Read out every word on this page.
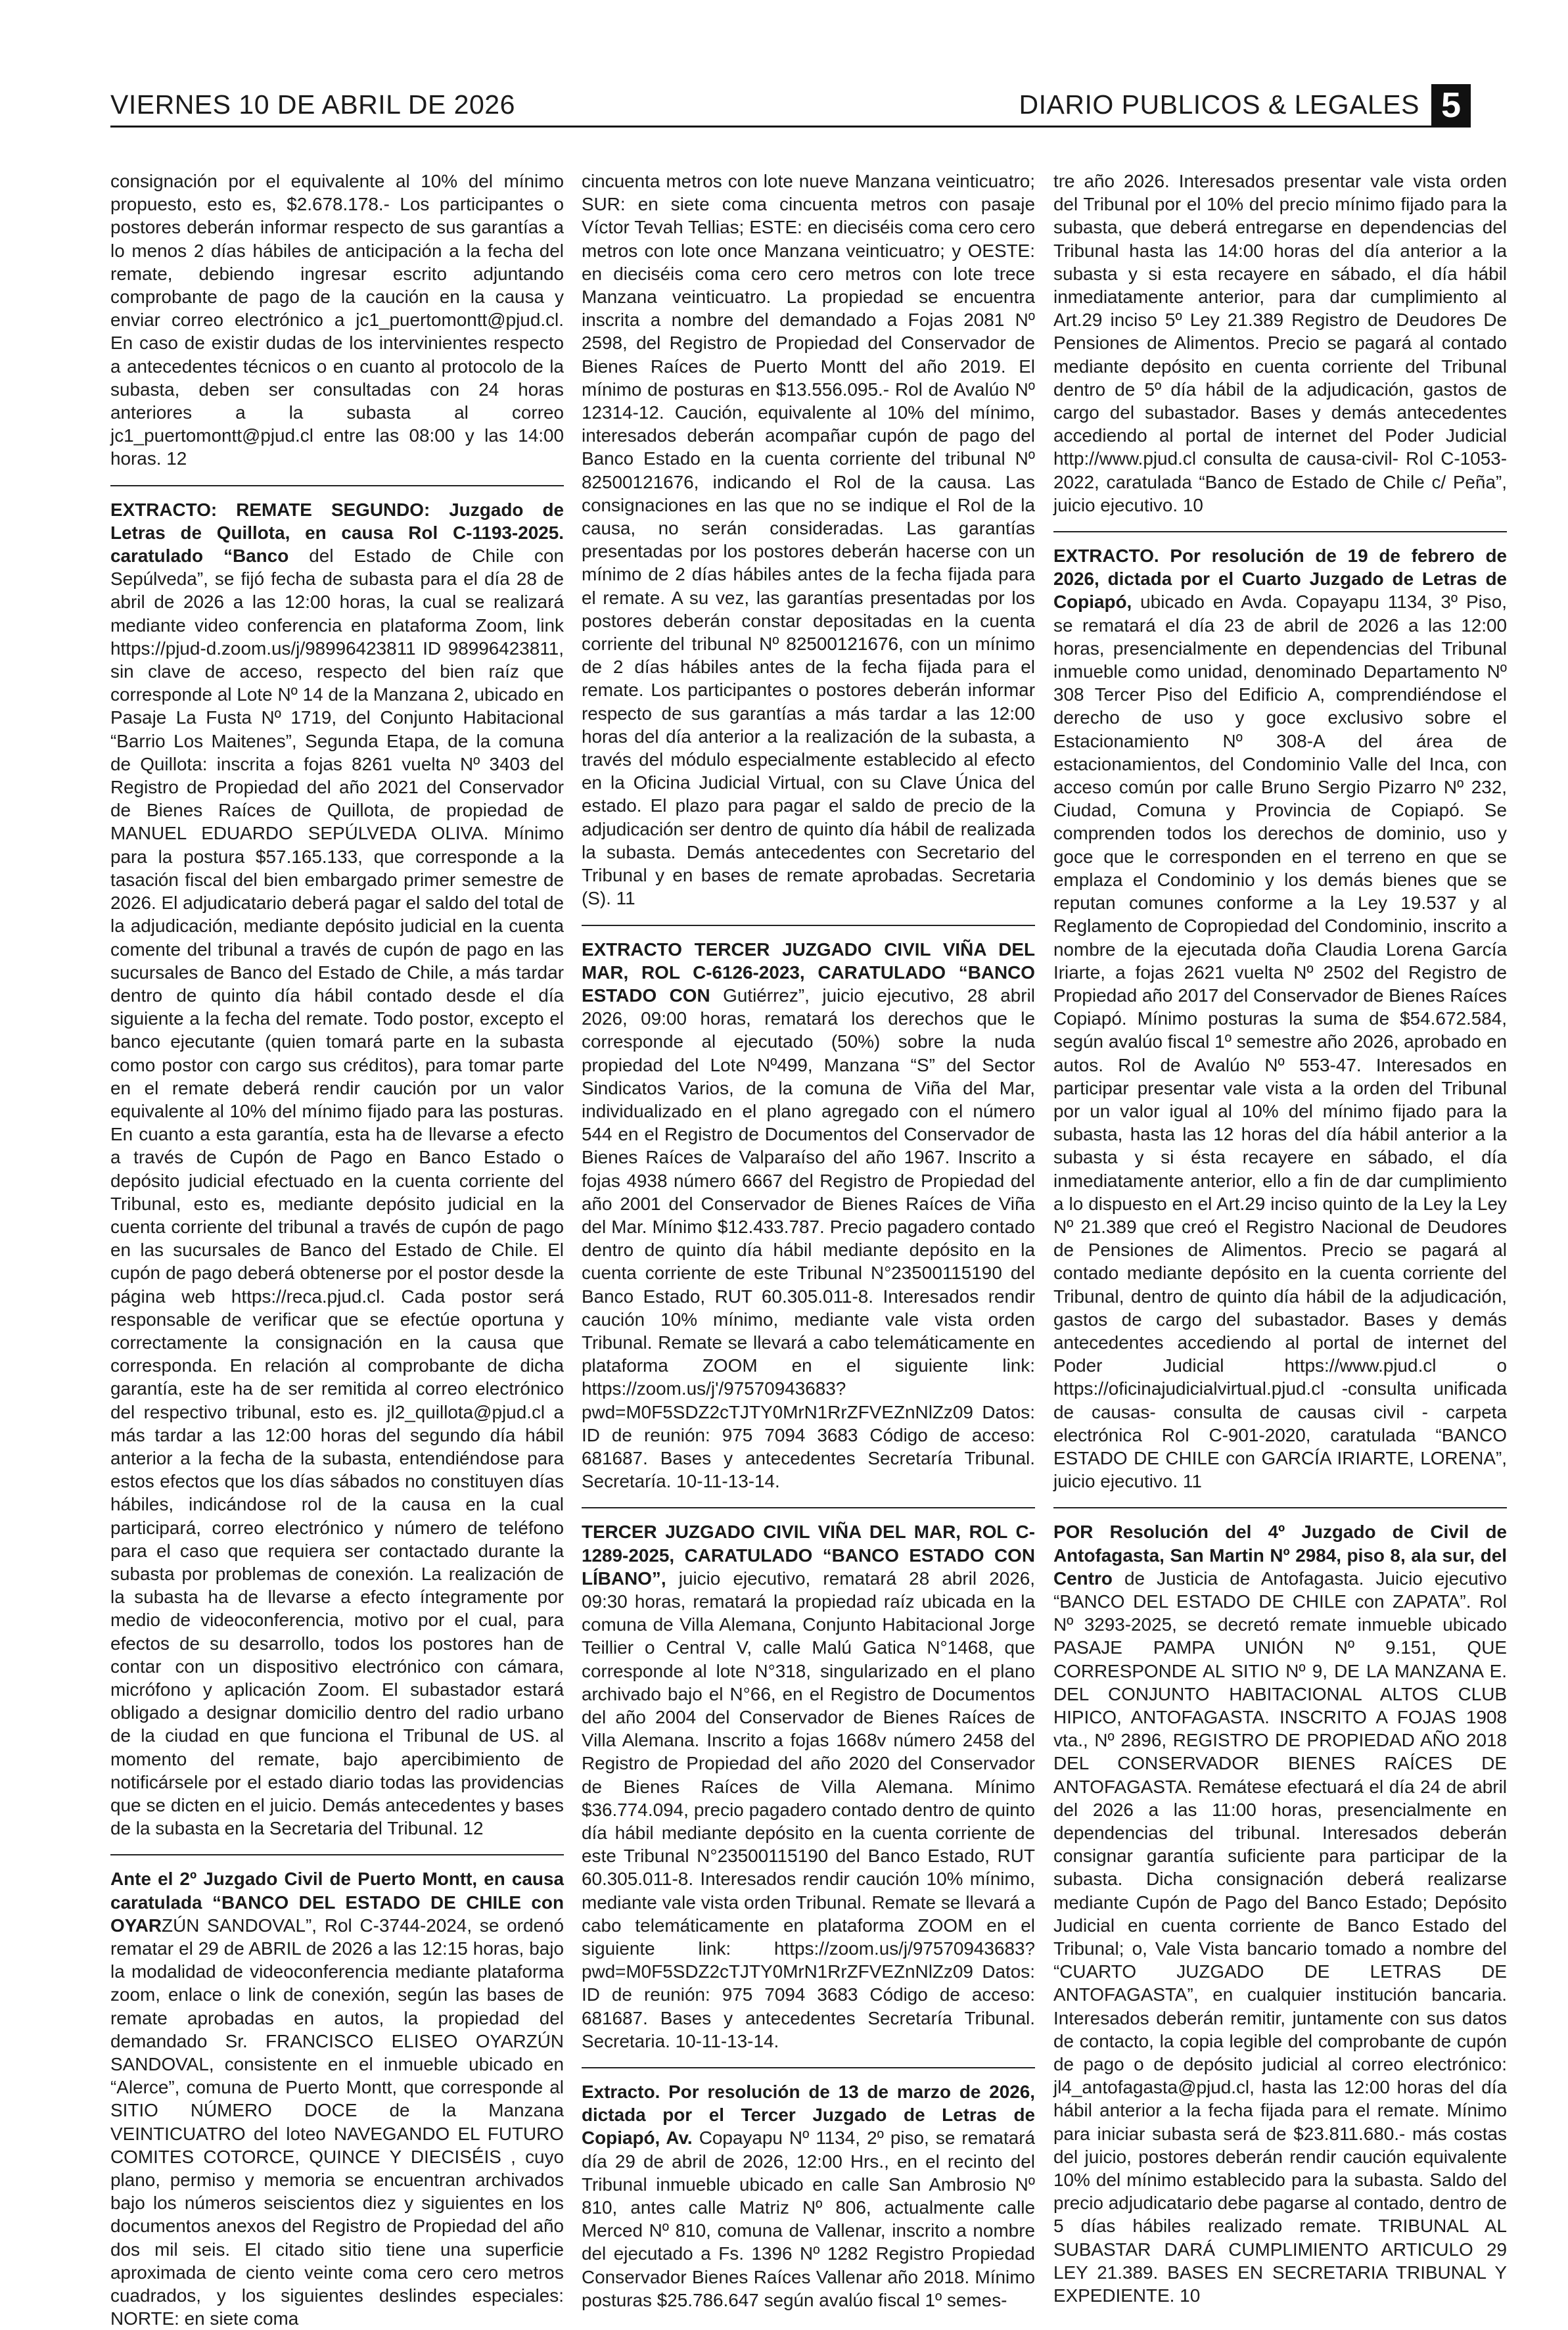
VIERNES 10 DE ABRIL DE 2026	DIARIO PUBLICOS & LEGALES 5

consignación por el equivalente al 10% del mínimo propuesto, esto es, $2.678.178.- Los participantes o postores deberán informar respecto de sus garantías a lo menos 2 días hábiles de anticipación a la fecha del remate, debiendo ingresar escrito adjuntando comprobante de pago de la caución en la causa y enviar correo electrónico a jc1_puertomontt@pjud.cl. En caso de existir dudas de los intervinientes respecto a antecedentes técnicos o en cuanto al protocolo de la subasta, deben ser consultadas con 24 horas anteriores a la subasta al correo jc1_puertomontt@pjud.cl entre las 08:00 y las 14:00 horas. 12

EXTRACTO: REMATE SEGUNDO: Juzgado de Letras de Quillota, en causa Rol C-1193-2025. caratulado “Banco del Estado de Chile con Sepúlveda”, se fijó fecha de subasta para el día 28 de abril de 2026 a las 12:00 horas, la cual se realizará mediante video conferencia en plataforma Zoom, link https://pjud-d.zoom.us/j/98996423811 ID 98996423811, sin clave de acceso, respecto del bien raíz que corresponde al Lote Nº 14 de la Manzana 2, ubicado en Pasaje La Fusta Nº 1719, del Conjunto Habitacional “Barrio Los Maitenes”, Segunda Etapa, de la comuna de Quillota: inscrita a fojas 8261 vuelta Nº 3403 del Registro de Propiedad del año 2021 del Conservador de Bienes Raíces de Quillota, de propiedad de MANUEL EDUARDO SEPÚLVEDA OLIVA. Mínimo para la postura $57.165.133, que corresponde a la tasación fiscal del bien embargado primer semestre de 2026. El adjudicatario deberá pagar el saldo del total de la adjudicación, mediante depósito judicial en la cuenta comente del tribunal a través de cupón de pago en las sucursales de Banco del Estado de Chile, a más tardar dentro de quinto día hábil contado desde el día siguiente a la fecha del remate. Todo postor, excepto el banco ejecutante (quien tomará parte en la subasta como postor con cargo sus créditos), para tomar parte en el remate deberá rendir caución por un valor equivalente al 10% del mínimo fijado para las posturas. En cuanto a esta garantía, esta ha de llevarse a efecto a través de Cupón de Pago en Banco Estado o depósito judicial efectuado en la cuenta corriente del Tribunal, esto es, mediante depósito judicial en la cuenta corriente del tribunal a través de cupón de pago en las sucursales de Banco del Estado de Chile. El cupón de pago deberá obtenerse por el postor desde la página web https://reca.pjud.cl. Cada postor será responsable de verificar que se efectúe oportuna y correctamente la consignación en la causa que corresponda. En relación al comprobante de dicha garantía, este ha de ser remitida al correo electrónico del respectivo tribunal, esto es. jl2_quillota@pjud.cl a más tardar a las 12:00 horas del segundo día hábil anterior a la fecha de la subasta, entendiéndose para estos efectos que los días sábados no constituyen días hábiles, indicándose rol de la causa en la cual participará, correo electrónico y número de teléfono para el caso que requiera ser contactado durante la subasta por problemas de conexión. La realización de la subasta ha de llevarse a efecto íntegramente por medio de videoconferencia, motivo por el cual, para efectos de su desarrollo, todos los postores han de contar con un dispositivo electrónico con cámara, micrófono y aplicación Zoom. El subastador estará obligado a designar domicilio dentro del radio urbano de la ciudad en que funciona el Tribunal de US. al momento del remate, bajo apercibimiento de notificársele por el estado diario todas las providencias que se dicten en el juicio. Demás antecedentes y bases de la subasta en la Secretaria del Tribunal. 12

Ante el 2º Juzgado Civil de Puerto Montt, en causa caratulada “BANCO DEL ESTADO DE CHILE con OYARZÚN SANDOVAL”, Rol C-3744-2024, se ordenó rematar el 29 de ABRIL de 2026 a las 12:15 horas, bajo la modalidad de videoconferencia mediante plataforma zoom, enlace o link de conexión, según las bases de remate aprobadas en autos, la propiedad del demandado Sr. FRANCISCO ELISEO OYARZÚN SANDOVAL, consistente en el inmueble ubicado en “Alerce”, comuna de Puerto Montt, que corresponde al SITIO NÚMERO DOCE de la Manzana VEINTICUATRO del loteo NAVEGANDO EL FUTURO COMITES COTORCE, QUINCE Y DIECISÉIS , cuyo plano, permiso y memoria se encuentran archivados bajo los números seiscientos diez y siguientes en los documentos anexos del Registro de Propiedad del año dos mil seis. El citado sitio tiene una superficie aproximada de ciento veinte coma cero cero metros cuadrados, y los siguientes deslindes especiales: NORTE: en siete coma

cincuenta metros con lote nueve Manzana veinticuatro; SUR: en siete coma cincuenta metros con pasaje Víctor Tevah Tellias; ESTE: en dieciséis coma cero cero metros con lote once Manzana veinticuatro; y OESTE: en dieciséis coma cero cero metros con lote trece Manzana veinticuatro. La propiedad se encuentra inscrita a nombre del demandado a Fojas 2081 Nº 2598, del Registro de Propiedad del Conservador de Bienes Raíces de Puerto Montt del año 2019. El mínimo de posturas en $13.556.095.- Rol de Avalúo Nº 12314-12. Caución, equivalente al 10% del mínimo, interesados deberán acompañar cupón de pago del Banco Estado en la cuenta corriente del tribunal Nº 82500121676, indicando el Rol de la causa. Las consignaciones en las que no se indique el Rol de la causa, no serán consideradas. Las garantías presentadas por los postores deberán hacerse con un mínimo de 2 días hábiles antes de la fecha fijada para el remate. A su vez, las garantías presentadas por los postores deberán constar depositadas en la cuenta corriente del tribunal Nº 82500121676, con un mínimo de 2 días hábiles antes de la fecha fijada para el remate. Los participantes o postores deberán informar respecto de sus garantías a más tardar a las 12:00 horas del día anterior a la realización de la subasta, a través del módulo especialmente establecido al efecto en la Oficina Judicial Virtual, con su Clave Única del estado. El plazo para pagar el saldo de precio de la adjudicación ser dentro de quinto día hábil de realizada la subasta. Demás antecedentes con Secretario del Tribunal y en bases de remate aprobadas. Secretaria (S). 11

EXTRACTO TERCER JUZGADO CIVIL VIÑA DEL MAR, ROL C-6126-2023, CARATULADO “BANCO ESTADO CON Gutiérrez”, juicio ejecutivo, 28 abril 2026, 09:00 horas, rematará los derechos que le corresponde al ejecutado (50%) sobre la nuda propiedad del Lote Nº499, Manzana “S” del Sector Sindicatos Varios, de la comuna de Viña del Mar, individualizado en el plano agregado con el número 544 en el Registro de Documentos del Conservador de Bienes Raíces de Valparaíso del año 1967. Inscrito a fojas 4938 número 6667 del Registro de Propiedad del año 2001 del Conservador de Bienes Raíces de Viña del Mar. Mínimo $12.433.787. Precio pagadero contado dentro de quinto día hábil mediante depósito en la cuenta corriente de este Tribunal N°23500115190 del Banco Estado, RUT 60.305.011-8. Interesados rendir caución 10% mínimo, mediante vale vista orden Tribunal. Remate se llevará a cabo telemáticamente en plataforma ZOOM en el siguiente link: https://zoom.us/j'/97570943683?pwd=M0F5SDZ2cTJTY0MrN1RrZFVEZnNlZz09 Datos: ID de reunión: 975 7094 3683 Código de acceso: 681687. Bases y antecedentes Secretaría Tribunal. Secretaría. 10-11-13-14.

TERCER JUZGADO CIVIL VIÑA DEL MAR, ROL C-1289-2025, CARATULADO “BANCO ESTADO CON LÍBANO”, juicio ejecutivo, rematará 28 abril 2026, 09:30 horas, rematará la propiedad raíz ubicada en la comuna de Villa Alemana, Conjunto Habitacional Jorge Teillier o Central V, calle Malú Gatica N°1468, que corresponde al lote N°318, singularizado en el plano archivado bajo el N°66, en el Registro de Documentos del año 2004 del Conservador de Bienes Raíces de Villa Alemana. Inscrito a fojas 1668v número 2458 del Registro de Propiedad del año 2020 del Conservador de Bienes Raíces de Villa Alemana. Mínimo $36.774.094, precio pagadero contado dentro de quinto día hábil mediante depósito en la cuenta corriente de este Tribunal N°23500115190 del Banco Estado, RUT 60.305.011-8. Interesados rendir caución 10% mínimo, mediante vale vista orden Tribunal. Remate se llevará a cabo telemáticamente en plataforma ZOOM en el siguiente link: https://zoom.us/j/97570943683?pwd=M0F5SDZ2cTJTY0MrN1RrZFVEZnNlZz09 Datos: ID de reunión: 975 7094 3683 Código de acceso: 681687. Bases y antecedentes Secretaría Tribunal. Secretaria. 10-11-13-14.

Extracto. Por resolución de 13 de marzo de 2026, dictada por el Tercer Juzgado de Letras de Copiapó, Av. Copayapu Nº 1134, 2º piso, se rematará día 29 de abril de 2026, 12:00 Hrs., en el recinto del Tribunal inmueble ubicado en calle San Ambrosio Nº 810, antes calle Matriz Nº 806, actualmente calle Merced Nº 810, comuna de Vallenar, inscrito a nombre del ejecutado a Fs. 1396 Nº 1282 Registro Propiedad Conservador Bienes Raíces Vallenar año 2018. Mínimo posturas $25.786.647 según avalúo fiscal 1º semes-

tre año 2026. Interesados presentar vale vista orden del Tribunal por el 10% del precio mínimo fijado para la subasta, que deberá entregarse en dependencias del Tribunal hasta las 14:00 horas del día anterior a la subasta y si esta recayere en sábado, el día hábil inmediatamente anterior, para dar cumplimiento al Art.29 inciso 5º Ley 21.389 Registro de Deudores De Pensiones de Alimentos. Precio se pagará al contado mediante depósito en cuenta corriente del Tribunal dentro de 5º día hábil de la adjudicación, gastos de cargo del subastador. Bases y demás antecedentes accediendo al portal de internet del Poder Judicial http://www.pjud.cl consulta de causa-civil- Rol C-1053-2022, caratulada “Banco de Estado de Chile c/ Peña”, juicio ejecutivo. 10

EXTRACTO. Por resolución de 19 de febrero de 2026, dictada por el Cuarto Juzgado de Letras de Copiapó, ubicado en Avda. Copayapu 1134, 3º Piso, se rematará el día 23 de abril de 2026 a las 12:00 horas, presencialmente en dependencias del Tribunal inmueble como unidad, denominado Departamento Nº 308 Tercer Piso del Edificio A, comprendiéndose el derecho de uso y goce exclusivo sobre el Estacionamiento Nº 308-A del área de estacionamientos, del Condominio Valle del Inca, con acceso común por calle Bruno Sergio Pizarro Nº 232, Ciudad, Comuna y Provincia de Copiapó. Se comprenden todos los derechos de dominio, uso y goce que le corresponden en el terreno en que se emplaza el Condominio y los demás bienes que se reputan comunes conforme a la Ley 19.537 y al Reglamento de Copropiedad del Condominio, inscrito a nombre de la ejecutada doña Claudia Lorena García Iriarte, a fojas 2621 vuelta Nº 2502 del Registro de Propiedad año 2017 del Conservador de Bienes Raíces Copiapó. Mínimo posturas la suma de $54.672.584, según avalúo fiscal 1º semestre año 2026, aprobado en autos. Rol de Avalúo Nº 553-47. Interesados en participar presentar vale vista a la orden del Tribunal por un valor igual al 10% del mínimo fijado para la subasta, hasta las 12 horas del día hábil anterior a la subasta y si ésta recayere en sábado, el día inmediatamente anterior, ello a fin de dar cumplimiento a lo dispuesto en el Art.29 inciso quinto de la Ley la Ley Nº 21.389 que creó el Registro Nacional de Deudores de Pensiones de Alimentos. Precio se pagará al contado mediante depósito en la cuenta corriente del Tribunal, dentro de quinto día hábil de la adjudicación, gastos de cargo del subastador. Bases y demás antecedentes accediendo al portal de internet del Poder Judicial https://www.pjud.cl o https://oficinajudicialvirtual.pjud.cl -consulta unificada de causas- consulta de causas civil - carpeta electrónica Rol C-901-2020, caratulada “BANCO ESTADO DE CHILE con GARCÍA IRIARTE, LORENA”, juicio ejecutivo. 11

POR Resolución del 4º Juzgado de Civil de Antofagasta, San Martin Nº 2984, piso 8, ala sur, del Centro de Justicia de Antofagasta. Juicio ejecutivo “BANCO DEL ESTADO DE CHILE con ZAPATA”. Rol Nº 3293-2025, se decretó remate inmueble ubicado PASAJE PAMPA UNIÓN Nº 9.151, QUE CORRESPONDE AL SITIO Nº 9, DE LA MANZANA E. DEL CONJUNTO HABITACIONAL ALTOS CLUB HIPICO, ANTOFAGASTA. INSCRITO A FOJAS 1908 vta., Nº 2896, REGISTRO DE PROPIEDAD AÑO 2018 DEL CONSERVADOR BIENES RAÍCES DE ANTOFAGASTA. Remátese efectuará el día 24 de abril del 2026 a las 11:00 horas, presencialmente en dependencias del tribunal. Interesados deberán consignar garantía suficiente para participar de la subasta. Dicha consignación deberá realizarse mediante Cupón de Pago del Banco Estado; Depósito Judicial en cuenta corriente de Banco Estado del Tribunal; o, Vale Vista bancario tomado a nombre del “CUARTO JUZGADO DE LETRAS DE ANTOFAGASTA”, en cualquier institución bancaria. Interesados deberán remitir, juntamente con sus datos de contacto, la copia legible del comprobante de cupón de pago o de depósito judicial al correo electrónico: jl4_antofagasta@pjud.cl, hasta las 12:00 horas del día hábil anterior a la fecha fijada para el remate. Mínimo para iniciar subasta será de $23.811.680.- más costas del juicio, postores deberán rendir caución equivalente 10% del mínimo establecido para la subasta. Saldo del precio adjudicatario debe pagarse al contado, dentro de 5 días hábiles realizado remate. TRIBUNAL AL SUBASTAR DARÁ CUMPLIMIENTO ARTICULO 29 LEY 21.389. BASES EN SECRETARIA TRIBUNAL Y EXPEDIENTE. 10
